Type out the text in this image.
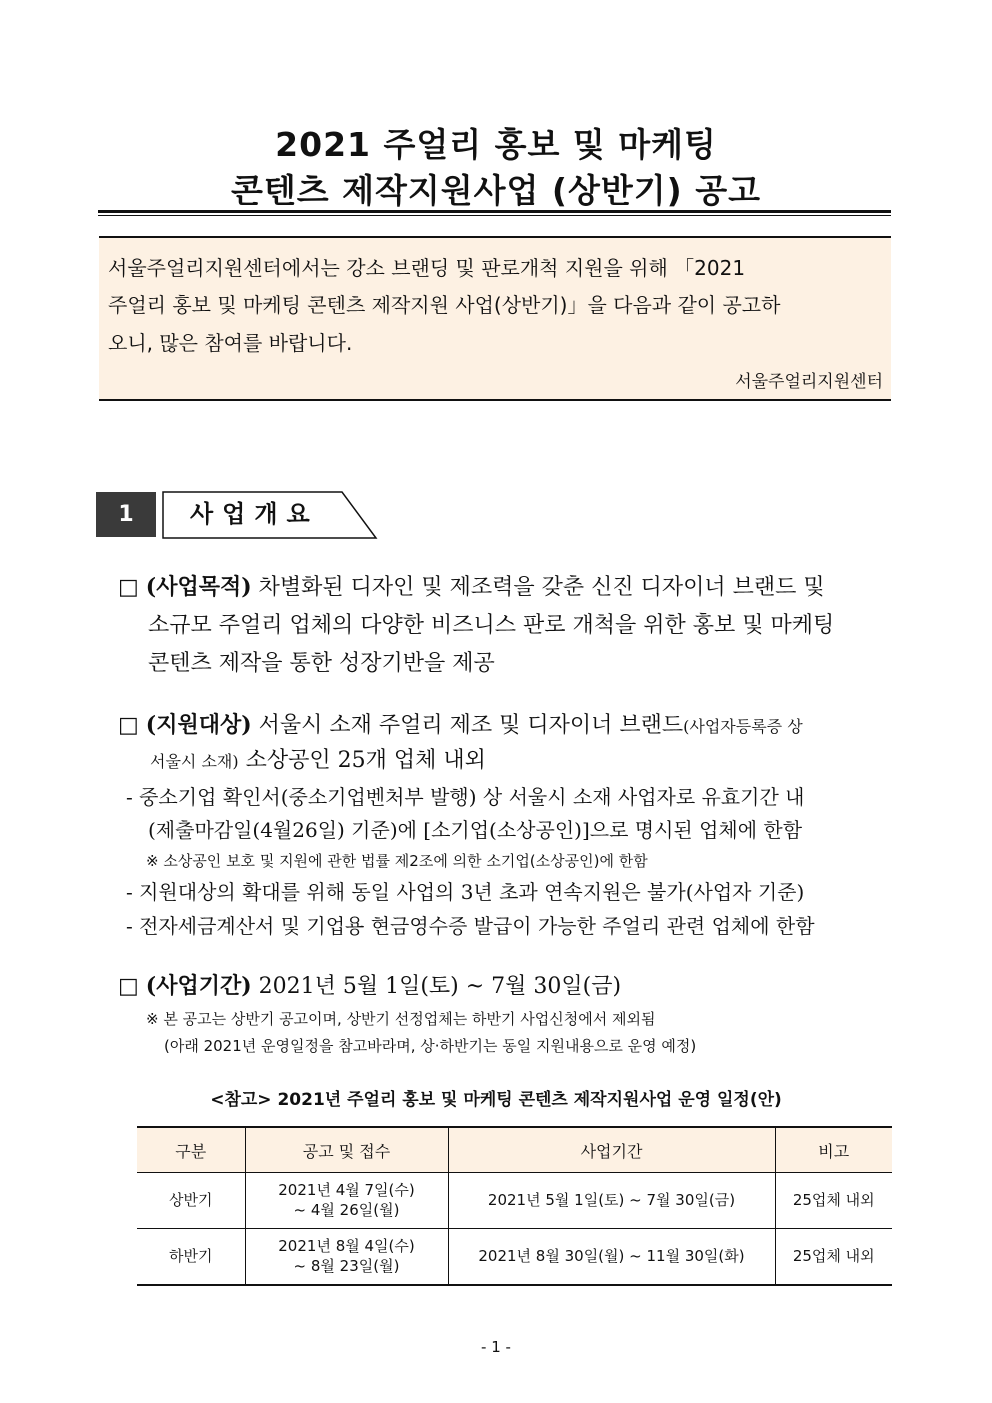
2021 주얼리 홍보 및 마케팅
콘텐츠 제작지원사업 (상반기) 공고
서울주얼리지원센터에서는 강소 브랜딩 및 판로개척 지원을 위해 「2021
주얼리 홍보 및 마케팅 콘텐츠 제작지원 사업(상반기)」을 다음과 같이 공고하
오니, 많은 참여를 바랍니다.
서울주얼리지원센터
1	사업개요
□ (사업목적) 차별화된 디자인 및 제조력을 갖춘 신진 디자이너 브랜드 및
소규모 주얼리 업체의 다양한 비즈니스 판로 개척을 위한 홍보 및 마케팅
콘텐츠 제작을 통한 성장기반을 제공
□ (지원대상) 서울시 소재 주얼리 제조 및 디자이너 브랜드(사업자등록증 상
서울시 소재) 소상공인 25개 업체 내외
- 중소기업 확인서(중소기업벤처부 발행) 상 서울시 소재 사업자로 유효기간 내
(제출마감일(4월26일) 기준)에 [소기업(소상공인)]으로 명시된 업체에 한함
※ 소상공인 보호 및 지원에 관한 법률 제2조에 의한 소기업(소상공인)에 한함
- 지원대상의 확대를 위해 동일 사업의 3년 초과 연속지원은 불가(사업자 기준)
- 전자세금계산서 및 기업용 현금영수증 발급이 가능한 주얼리 관련 업체에 한함
□ (사업기간) 2021년 5월 1일(토) ~ 7월 30일(금)
※ 본 공고는 상반기 공고이며, 상반기 선정업체는 하반기 사업신청에서 제외됨
(아래 2021년 운영일정을 참고바라며, 상·하반기는 동일 지원내용으로 운영 예정)
<참고> 2021년 주얼리 홍보 및 마케팅 콘텐츠 제작지원사업 운영 일정(안)
구분	공고 및 접수	사업기간	비고
상반기	2021년 4월 7일(수)
~ 4월 26일(월)	2021년 5월 1일(토) ~ 7월 30일(금)	25업체 내외
하반기	2021년 8월 4일(수)
~ 8월 23일(월)	2021년 8월 30일(월) ~ 11월 30일(화)	25업체 내외
- 1 -
